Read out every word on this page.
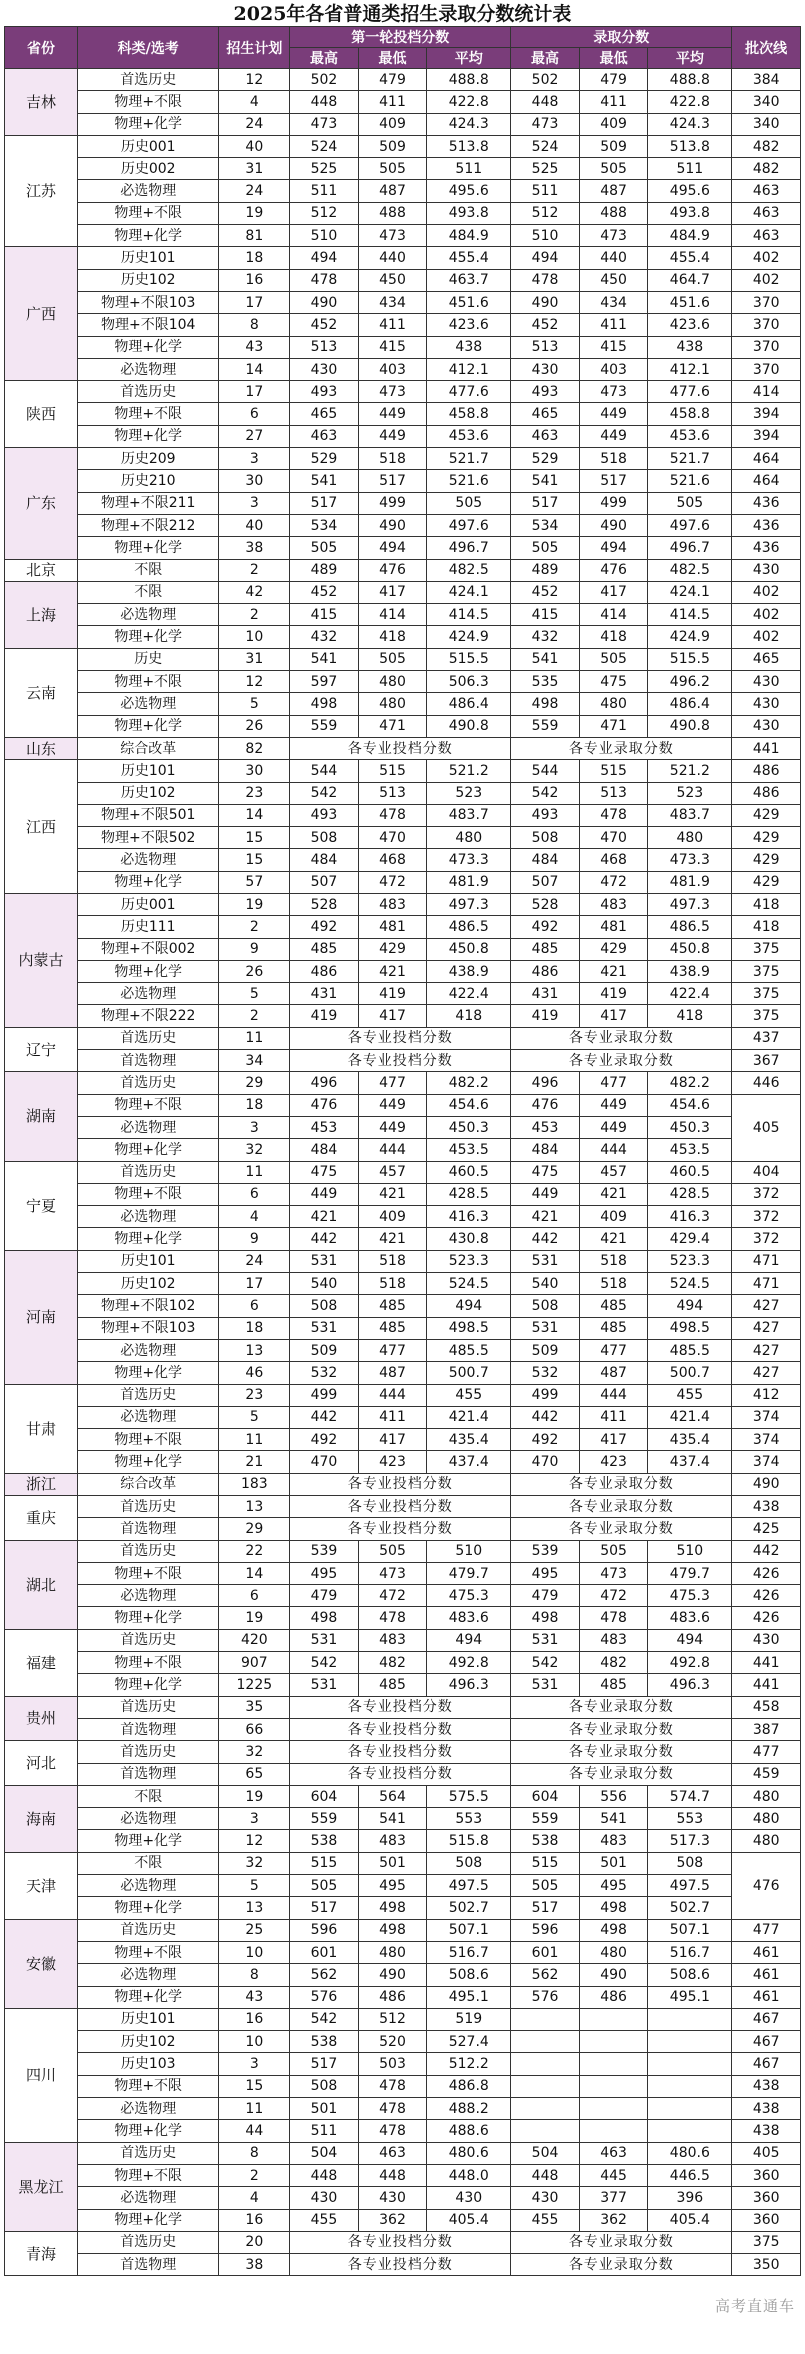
2025年各省普通类招生录取分数统计表
省份	科类/选考	招生计划	第一轮投档分数			录取分数			批次线
			最高	最低	平均	最高	最低	平均	
吉林	首选历史	12	502	479	488.8	502	479	488.8	384
	物理+不限	4	448	411	422.8	448	411	422.8	340
	物理+化学	24	473	409	424.3	473	409	424.3	340
江苏	历史001	40	524	509	513.8	524	509	513.8	482
	历史002	31	525	505	511	525	505	511	482
	必选物理	24	511	487	495.6	511	487	495.6	463
	物理+不限	19	512	488	493.8	512	488	493.8	463
	物理+化学	81	510	473	484.9	510	473	484.9	463
广西	历史101	18	494	440	455.4	494	440	455.4	402
	历史102	16	478	450	463.7	478	450	464.7	402
	物理+不限103	17	490	434	451.6	490	434	451.6	370
	物理+不限104	8	452	411	423.6	452	411	423.6	370
	物理+化学	43	513	415	438	513	415	438	370
	必选物理	14	430	403	412.1	430	403	412.1	370
陕西	首选历史	17	493	473	477.6	493	473	477.6	414
	物理+不限	6	465	449	458.8	465	449	458.8	394
	物理+化学	27	463	449	453.6	463	449	453.6	394
广东	历史209	3	529	518	521.7	529	518	521.7	464
	历史210	30	541	517	521.6	541	517	521.6	464
	物理+不限211	3	517	499	505	517	499	505	436
	物理+不限212	40	534	490	497.6	534	490	497.6	436
	物理+化学	38	505	494	496.7	505	494	496.7	436
北京	不限	2	489	476	482.5	489	476	482.5	430
上海	不限	42	452	417	424.1	452	417	424.1	402
	必选物理	2	415	414	414.5	415	414	414.5	402
	物理+化学	10	432	418	424.9	432	418	424.9	402
云南	历史	31	541	505	515.5	541	505	515.5	465
	物理+不限	12	597	480	506.3	535	475	496.2	430
	必选物理	5	498	480	486.4	498	480	486.4	430
	物理+化学	26	559	471	490.8	559	471	490.8	430
山东	综合改革	82	各专业投档分数			各专业录取分数			441
江西	历史101	30	544	515	521.2	544	515	521.2	486
	历史102	23	542	513	523	542	513	523	486
	物理+不限501	14	493	478	483.7	493	478	483.7	429
	物理+不限502	15	508	470	480	508	470	480	429
	必选物理	15	484	468	473.3	484	468	473.3	429
	物理+化学	57	507	472	481.9	507	472	481.9	429
内蒙古	历史001	19	528	483	497.3	528	483	497.3	418
	历史111	2	492	481	486.5	492	481	486.5	418
	物理+不限002	9	485	429	450.8	485	429	450.8	375
	物理+化学	26	486	421	438.9	486	421	438.9	375
	必选物理	5	431	419	422.4	431	419	422.4	375
	物理+不限222	2	419	417	418	419	417	418	375
辽宁	首选历史	11	各专业投档分数			各专业录取分数			437
	首选物理	34	各专业投档分数			各专业录取分数			367
湖南	首选历史	29	496	477	482.2	496	477	482.2	446
	物理+不限	18	476	449	454.6	476	449	454.6	405
	必选物理	3	453	449	450.3	453	449	450.3	
	物理+化学	32	484	444	453.5	484	444	453.5	
宁夏	首选历史	11	475	457	460.5	475	457	460.5	404
	物理+不限	6	449	421	428.5	449	421	428.5	372
	必选物理	4	421	409	416.3	421	409	416.3	372
	物理+化学	9	442	421	430.8	442	421	429.4	372
河南	历史101	24	531	518	523.3	531	518	523.3	471
	历史102	17	540	518	524.5	540	518	524.5	471
	物理+不限102	6	508	485	494	508	485	494	427
	物理+不限103	18	531	485	498.5	531	485	498.5	427
	必选物理	13	509	477	485.5	509	477	485.5	427
	物理+化学	46	532	487	500.7	532	487	500.7	427
甘肃	首选历史	23	499	444	455	499	444	455	412
	必选物理	5	442	411	421.4	442	411	421.4	374
	物理+不限	11	492	417	435.4	492	417	435.4	374
	物理+化学	21	470	423	437.4	470	423	437.4	374
浙江	综合改革	183	各专业投档分数			各专业录取分数			490
重庆	首选历史	13	各专业投档分数			各专业录取分数			438
	首选物理	29	各专业投档分数			各专业录取分数			425
湖北	首选历史	22	539	505	510	539	505	510	442
	物理+不限	14	495	473	479.7	495	473	479.7	426
	必选物理	6	479	472	475.3	479	472	475.3	426
	物理+化学	19	498	478	483.6	498	478	483.6	426
福建	首选历史	420	531	483	494	531	483	494	430
	物理+不限	907	542	482	492.8	542	482	492.8	441
	物理+化学	1225	531	485	496.3	531	485	496.3	441
贵州	首选历史	35	各专业投档分数			各专业录取分数			458
	首选物理	66	各专业投档分数			各专业录取分数			387
河北	首选历史	32	各专业投档分数			各专业录取分数			477
	首选物理	65	各专业投档分数			各专业录取分数			459
海南	不限	19	604	564	575.5	604	556	574.7	480
	必选物理	3	559	541	553	559	541	553	480
	物理+化学	12	538	483	515.8	538	483	517.3	480
天津	不限	32	515	501	508	515	501	508	476
	必选物理	5	505	495	497.5	505	495	497.5	
	物理+化学	13	517	498	502.7	517	498	502.7	
安徽	首选历史	25	596	498	507.1	596	498	507.1	477
	物理+不限	10	601	480	516.7	601	480	516.7	461
	必选物理	8	562	490	508.6	562	490	508.6	461
	物理+化学	43	576	486	495.1	576	486	495.1	461
四川	历史101	16	542	512	519				467
	历史102	10	538	520	527.4				467
	历史103	3	517	503	512.2				467
	物理+不限	15	508	478	486.8				438
	必选物理	11	501	478	488.2				438
	物理+化学	44	511	478	488.6				438
黑龙江	首选历史	8	504	463	480.6	504	463	480.6	405
	物理+不限	2	448	448	448.0	448	445	446.5	360
	必选物理	4	430	430	430	430	377	396	360
	物理+化学	16	455	362	405.4	455	362	405.4	360
青海	首选历史	20	各专业投档分数			各专业录取分数			375
	首选物理	38	各专业投档分数			各专业录取分数			350
高考直通车
